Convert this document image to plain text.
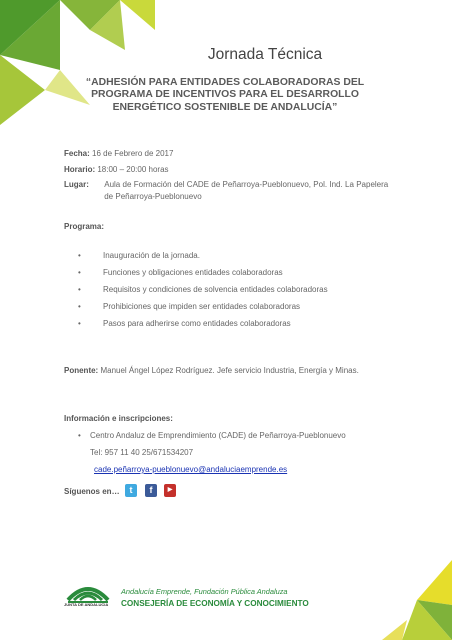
Jornada Técnica
“ADHESIÓN PARA ENTIDADES COLABORADORAS DEL PROGRAMA DE INCENTIVOS PARA EL DESARROLLO ENERGÉTICO SOSTENIBLE DE ANDALUCÍA”
Fecha: 16 de Febrero de 2017
Horario: 18:00 – 20:00 horas
Lugar: Aula de Formación del CADE de Peñarroya-Pueblonuevo, Pol. Ind. La Papelera de Peñarroya-Pueblonuevo
Programa:
•	Inauguración de la jornada.
•	Funciones y obligaciones entidades colaboradoras
•	Requisitos y condiciones de solvencia entidades colaboradoras
•	Prohibiciones que impiden ser entidades colaboradoras
•	Pasos para adherirse como entidades colaboradoras
Ponente: Manuel Ángel López Rodríguez. Jefe servicio Industria, Energía y Minas.
Información e inscripciones:
• Centro Andaluz de Emprendimiento (CADE) de Peñarroya-Pueblonuevo
Tel: 957 11 40 25/671534207
cade.peñarroya-pueblonuevo@andaluciaemprende.es
Síguenos en…	t	f	▶
JUNTA DE ANDALUCIA
Andalucía Emprende, Fundación Pública Andaluza
CONSEJERÍA DE ECONOMÍA Y CONOCIMIENTO
